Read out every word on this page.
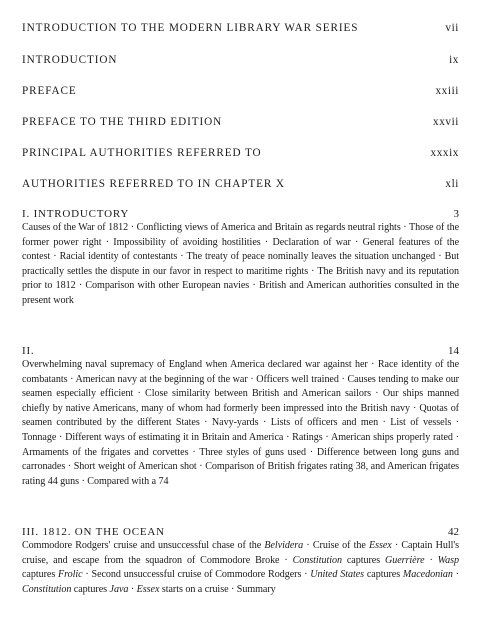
INTRODUCTION TO THE MODERN LIBRARY WAR SERIES	vii
INTRODUCTION	ix
PREFACE	xxiii
PREFACE TO THE THIRD EDITION	xxvii
PRINCIPAL AUTHORITIES REFERRED TO	xxxix
AUTHORITIES REFERRED TO IN CHAPTER X	xli
I. INTRODUCTORY	3
Causes of the War of 1812 · Conflicting views of America and Britain as regards neutral rights · Those of the former power right · Impossibility of avoiding hostilities · Declaration of war · General features of the contest · Racial identity of contestants · The treaty of peace nominally leaves the situation unchanged · But practically settles the dispute in our favor in respect to maritime rights · The British navy and its reputation prior to 1812 · Comparison with other European navies · British and American authorities consulted in the present work
II.	14
Overwhelming naval supremacy of England when America declared war against her · Race identity of the combatants · American navy at the beginning of the war · Officers well trained · Causes tending to make our seamen especially efficient · Close similarity between British and American sailors · Our ships manned chiefly by native Americans, many of whom had formerly been impressed into the British navy · Quotas of seamen contributed by the different States · Navy-yards · Lists of officers and men · List of vessels · Tonnage · Different ways of estimating it in Britain and America · Ratings · American ships properly rated · Armaments of the frigates and corvettes · Three styles of guns used · Difference between long guns and carronades · Short weight of American shot · Comparison of British frigates rating 38, and American frigates rating 44 guns · Compared with a 74
III. 1812. ON THE OCEAN	42
Commodore Rodgers' cruise and unsuccessful chase of the Belvidera · Cruise of the Essex · Captain Hull's cruise, and escape from the squadron of Commodore Broke · Constitution captures Guerrière · Wasp captures Frolic · Second unsuccessful cruise of Commodore Rodgers · United States captures Macedonian · Constitution captures Java · Essex starts on a cruise · Summary
